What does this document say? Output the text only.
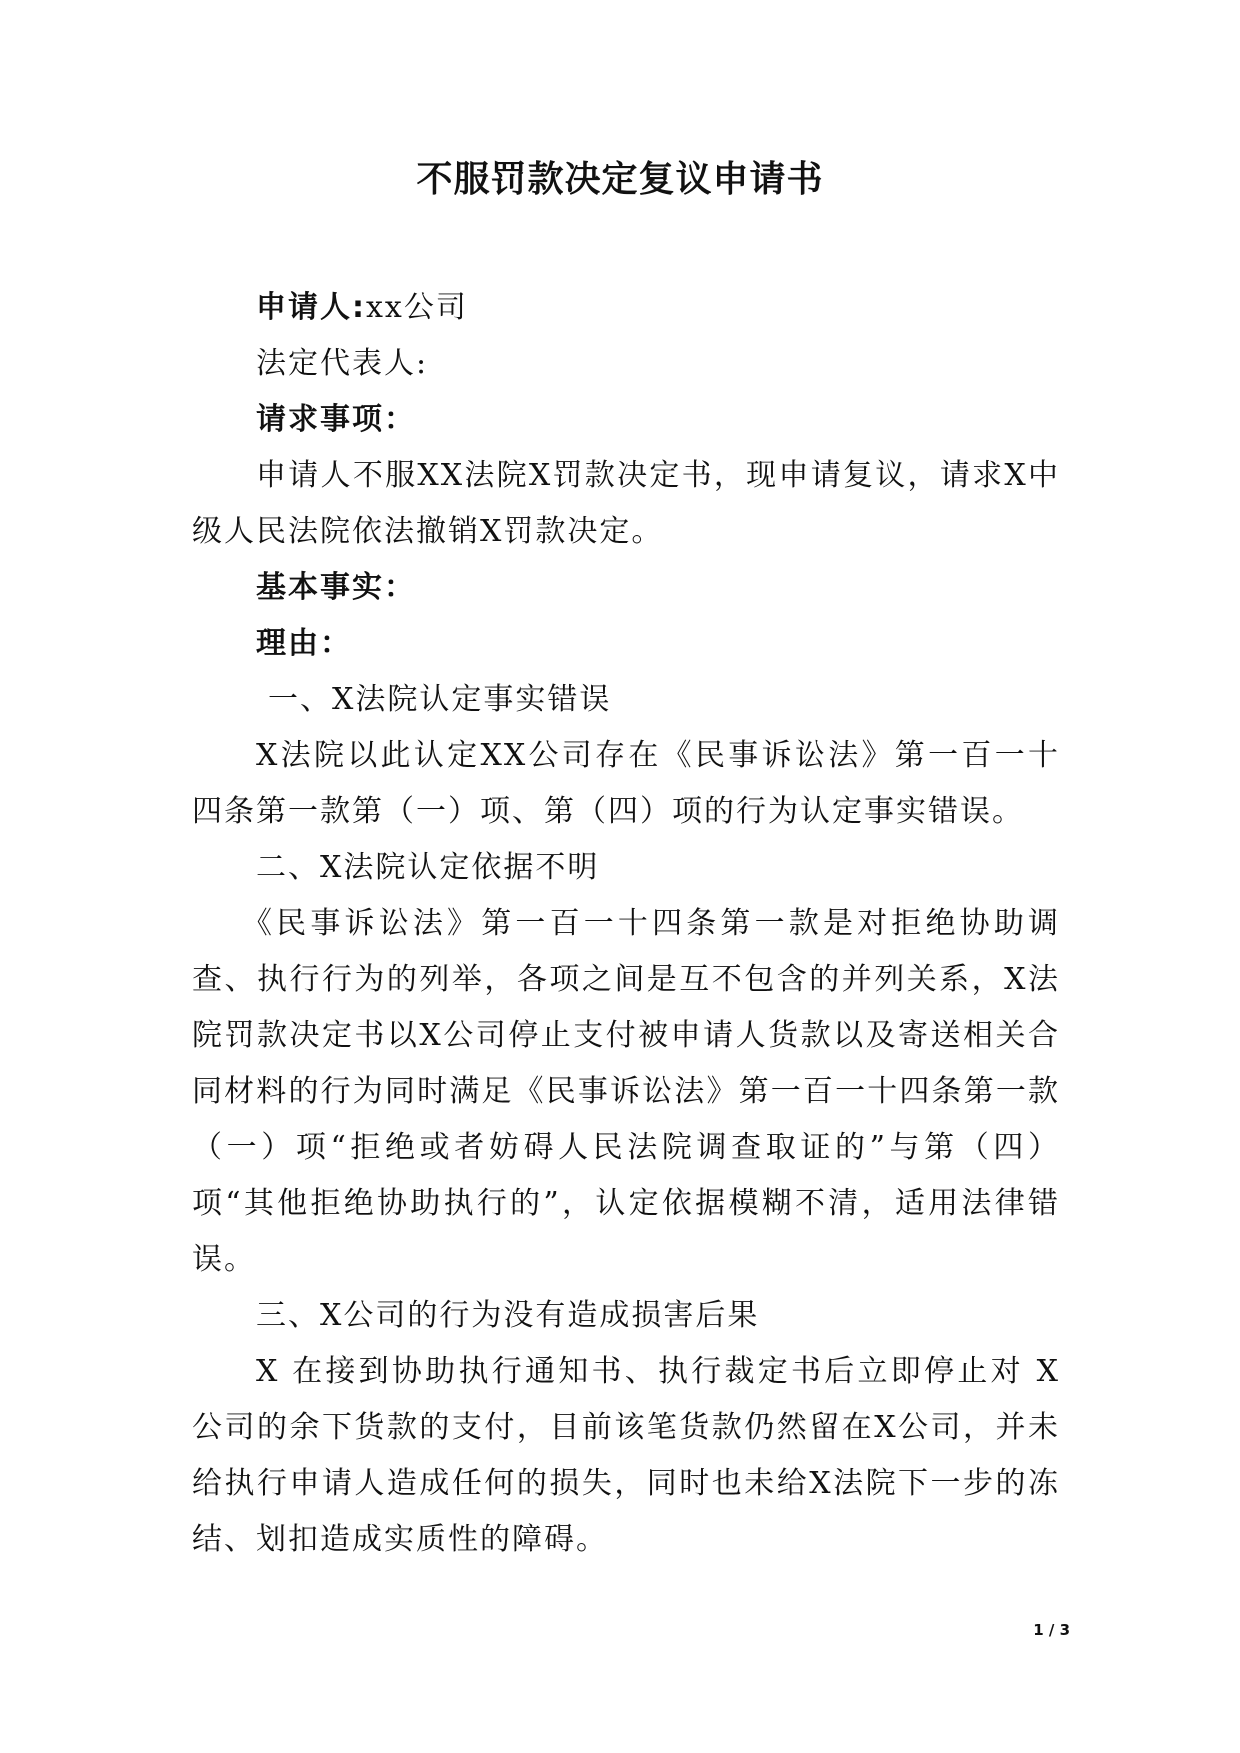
不服罚款决定复议申请书

申请人:xx公司

法定代表人:

请求事项：

申请人不服XX法院X罚款决定书，现申请复议，请求X中级人民法院依法撤销X罚款决定。

基本事实：

理由：

一、X法院认定事实错误

X法院以此认定XX公司存在《民事诉讼法》第一百一十四条第一款第（一）项、第（四）项的行为认定事实错误。

二、X法院认定依据不明

《民事诉讼法》第一百一十四条第一款是对拒绝协助调查、执行行为的列举，各项之间是互不包含的并列关系，X法院罚款决定书以X公司停止支付被申请人货款以及寄送相关合同材料的行为同时满足《民事诉讼法》第一百一十四条第一款（一）项“拒绝或者妨碍人民法院调查取证的”与第（四）项“其他拒绝协助执行的”，认定依据模糊不清，适用法律错误。

三、X公司的行为没有造成损害后果

X 在接到协助执行通知书、执行裁定书后立即停止对 X公司的余下货款的支付，目前该笔货款仍然留在X公司，并未给执行申请人造成任何的损失，同时也未给X法院下一步的冻结、划扣造成实质性的障碍。

1 / 3
